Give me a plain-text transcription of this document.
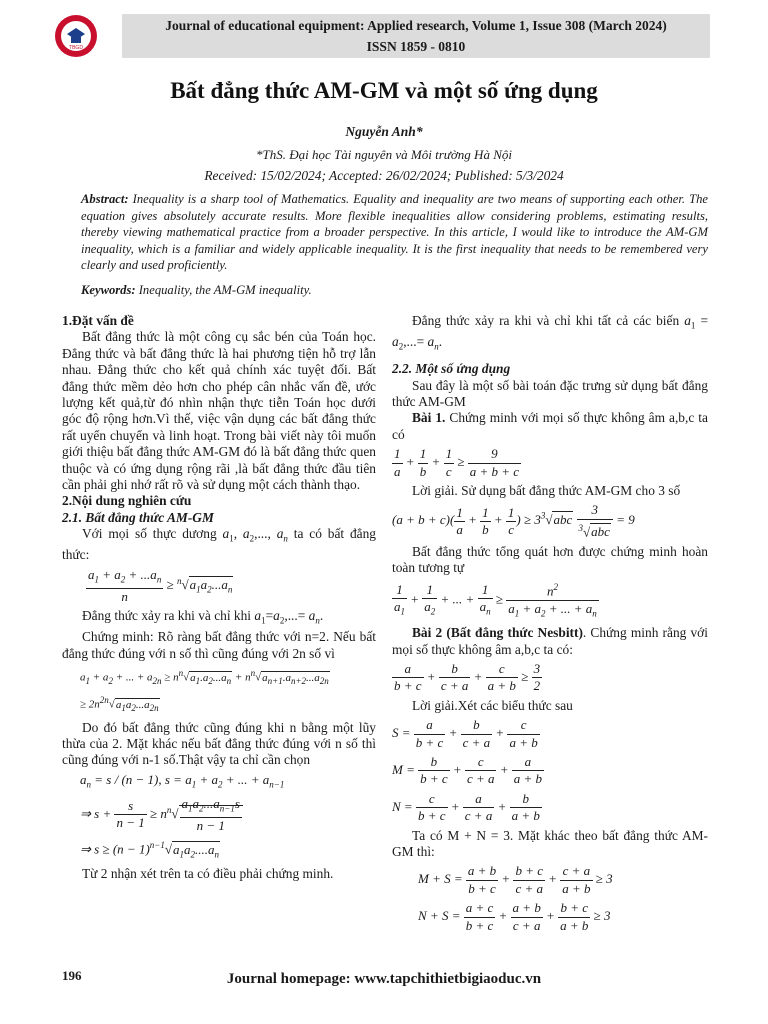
TBGD
Journal of educational equipment: Applied research, Volume 1, Issue 308 (March 2024)
ISSN 1859 - 0810
Bất đẳng thức AM-GM và một số ứng dụng
Nguyễn Anh*
*ThS. Đại học Tài nguyên và Môi trường Hà Nội
Received: 15/02/2024; Accepted: 26/02/2024; Published: 5/3/2024
Abstract: Inequality is a sharp tool of Mathematics. Equality and inequality are two means of supporting each other. The equation gives absolutely accurate results. More flexible inequalities allow considering problems, estimating results, thereby viewing mathematical practice from a broader perspective. In this article, I would like to introduce the AM-GM inequality, which is a familiar and widely applicable inequality. It is the first inequality that needs to be remembered very clearly and used proficiently.
Keywords: Inequality, the AM-GM inequality.

1.Đặt vấn đề

Bất đẳng thức là một công cụ sắc bén của Toán học. Đẳng thức và bất đẳng thức là hai phương tiện hỗ trợ lẫn nhau. Đẳng thức cho kết quả chính xác tuyệt đối. Bất đẳng thức mềm dẻo hơn cho phép cân nhắc vấn đề, ước lượng kết quả,từ đó nhìn nhận thực tiễn Toán học dưới góc độ rộng hơn.Vì thế, việc vận dụng các bất đẳng thức rất uyển chuyển và linh hoạt. Trong bài viết này tôi muốn giới thiệu bất đẳng thức AM-GM đó là bất đẳng thức quen thuộc và có ứng dụng rộng rãi ,là bất đẳng thức đầu tiên cần phải ghi nhớ rất rõ và sử dụng một cách thành thạo.

2.Nội dung nghiên cứu

2.1. Bất đẳng thức AM-GM

Với mọi số thực dương $a_1$, $a_2$,..., $a_n$ ta có bất đẳng thức:

$\frac{a_1 + a_2 + ...a_n}{n} \ge ^n√a_1a_2...a_n$

Đẳng thức xảy ra khi và chỉ khi $a_1=a_2,...= a_n$.

Chứng minh: Rõ ràng bất đẳng thức với n=2. Nếu bất đẳng thức đúng với n số thì cũng đúng với 2n số vì

$a_1 + a_2$ + ... + $a_{2n} \ge n^n√a_1.a_2...a_n + n^n√a_{n+1}.a_{n+2}...a_{2n}$
≥ $2n^{2n}√a_1a_2...a_{2n}$

Do đó bất đẳng thức cũng đúng khi n bằng một lũy thừa của 2. Mặt khác nếu bất đẳng thức đúng với n số thì cũng đúng với n-1 số.Thật vậy ta chỉ cần chọn

$a_n = s / (n - 1)$, $s = a_1 + a_2$ + ... + $a_{n-1}$
⇒ $s + \frac{s}{n - 1} \ge n^n√ \frac{a_1a_2...a_{n-1}s}{n - 1}$
⇒ $s \ge (n - 1)^{n-1}√a_1a_2....a_n$

Từ 2 nhận xét trên ta có điều phải chứng minh.

Đẳng thức xảy ra khi và chỉ khi tất cả các biến $a_1 = a_2,...= a_n$.

2.2. Một số ứng dụng

Sau đây là một số bài toán đặc trưng sử dụng bất đẳng thức AM-GM

Bài 1. Chứng minh với mọi số thực không âm a,b,c ta có

$\frac{1}{a} + \frac{1}{b} + \frac{1}{c} \ge \frac{9}{a + b + c}$

Lời giải. Sử dụng bất đẳng thức AM-GM cho 3 số

$(a + b + c)( \frac{1}{a} + \frac{1}{b} + \frac{1}{c}$ ) ≥ $3^3√abc \frac{3}{^3√abc} = 9$

Bất đẳng thức tổng quát hơn được chứng minh hoàn toàn tương tự

$\frac{1}{a_1} + \frac{1}{a_2}$ + ... + $\frac{1}{a_n} \ge \frac{n^2}{a_1 + a_2 + ... + a_n}$

Bài 2 (Bất đẳng thức Nesbitt). Chứng minh rằng với mọi số thực không âm a,b,c ta có:

$\frac{a}{b + c} + \frac{b}{c + a} + \frac{c}{a + b} \ge \frac{3}{2}$

Lời giải.Xét các biểu thức sau

$S = \frac{a}{b + c} + \frac{b}{c + a} + \frac{c}{a + b}$
$M = \frac{b}{b + c} + \frac{c}{c + a} + \frac{a}{a + b}$
$N = \frac{c}{b + c} + \frac{a}{c + a} + \frac{b}{a + b}$

Ta có M + N = 3. Mặt khác theo bất đẳng thức AM-GM thì:

$M + S = \frac{a + b}{b + c} + \frac{b + c}{c + a} + \frac{c + a}{a + b} \ge 3$
$N + S = \frac{a + c}{b + c} + \frac{a + b}{c + a} + \frac{b + c}{a + b} \ge 3$
196	Journal homepage: www.tapchithietbigiaoduc.vn
